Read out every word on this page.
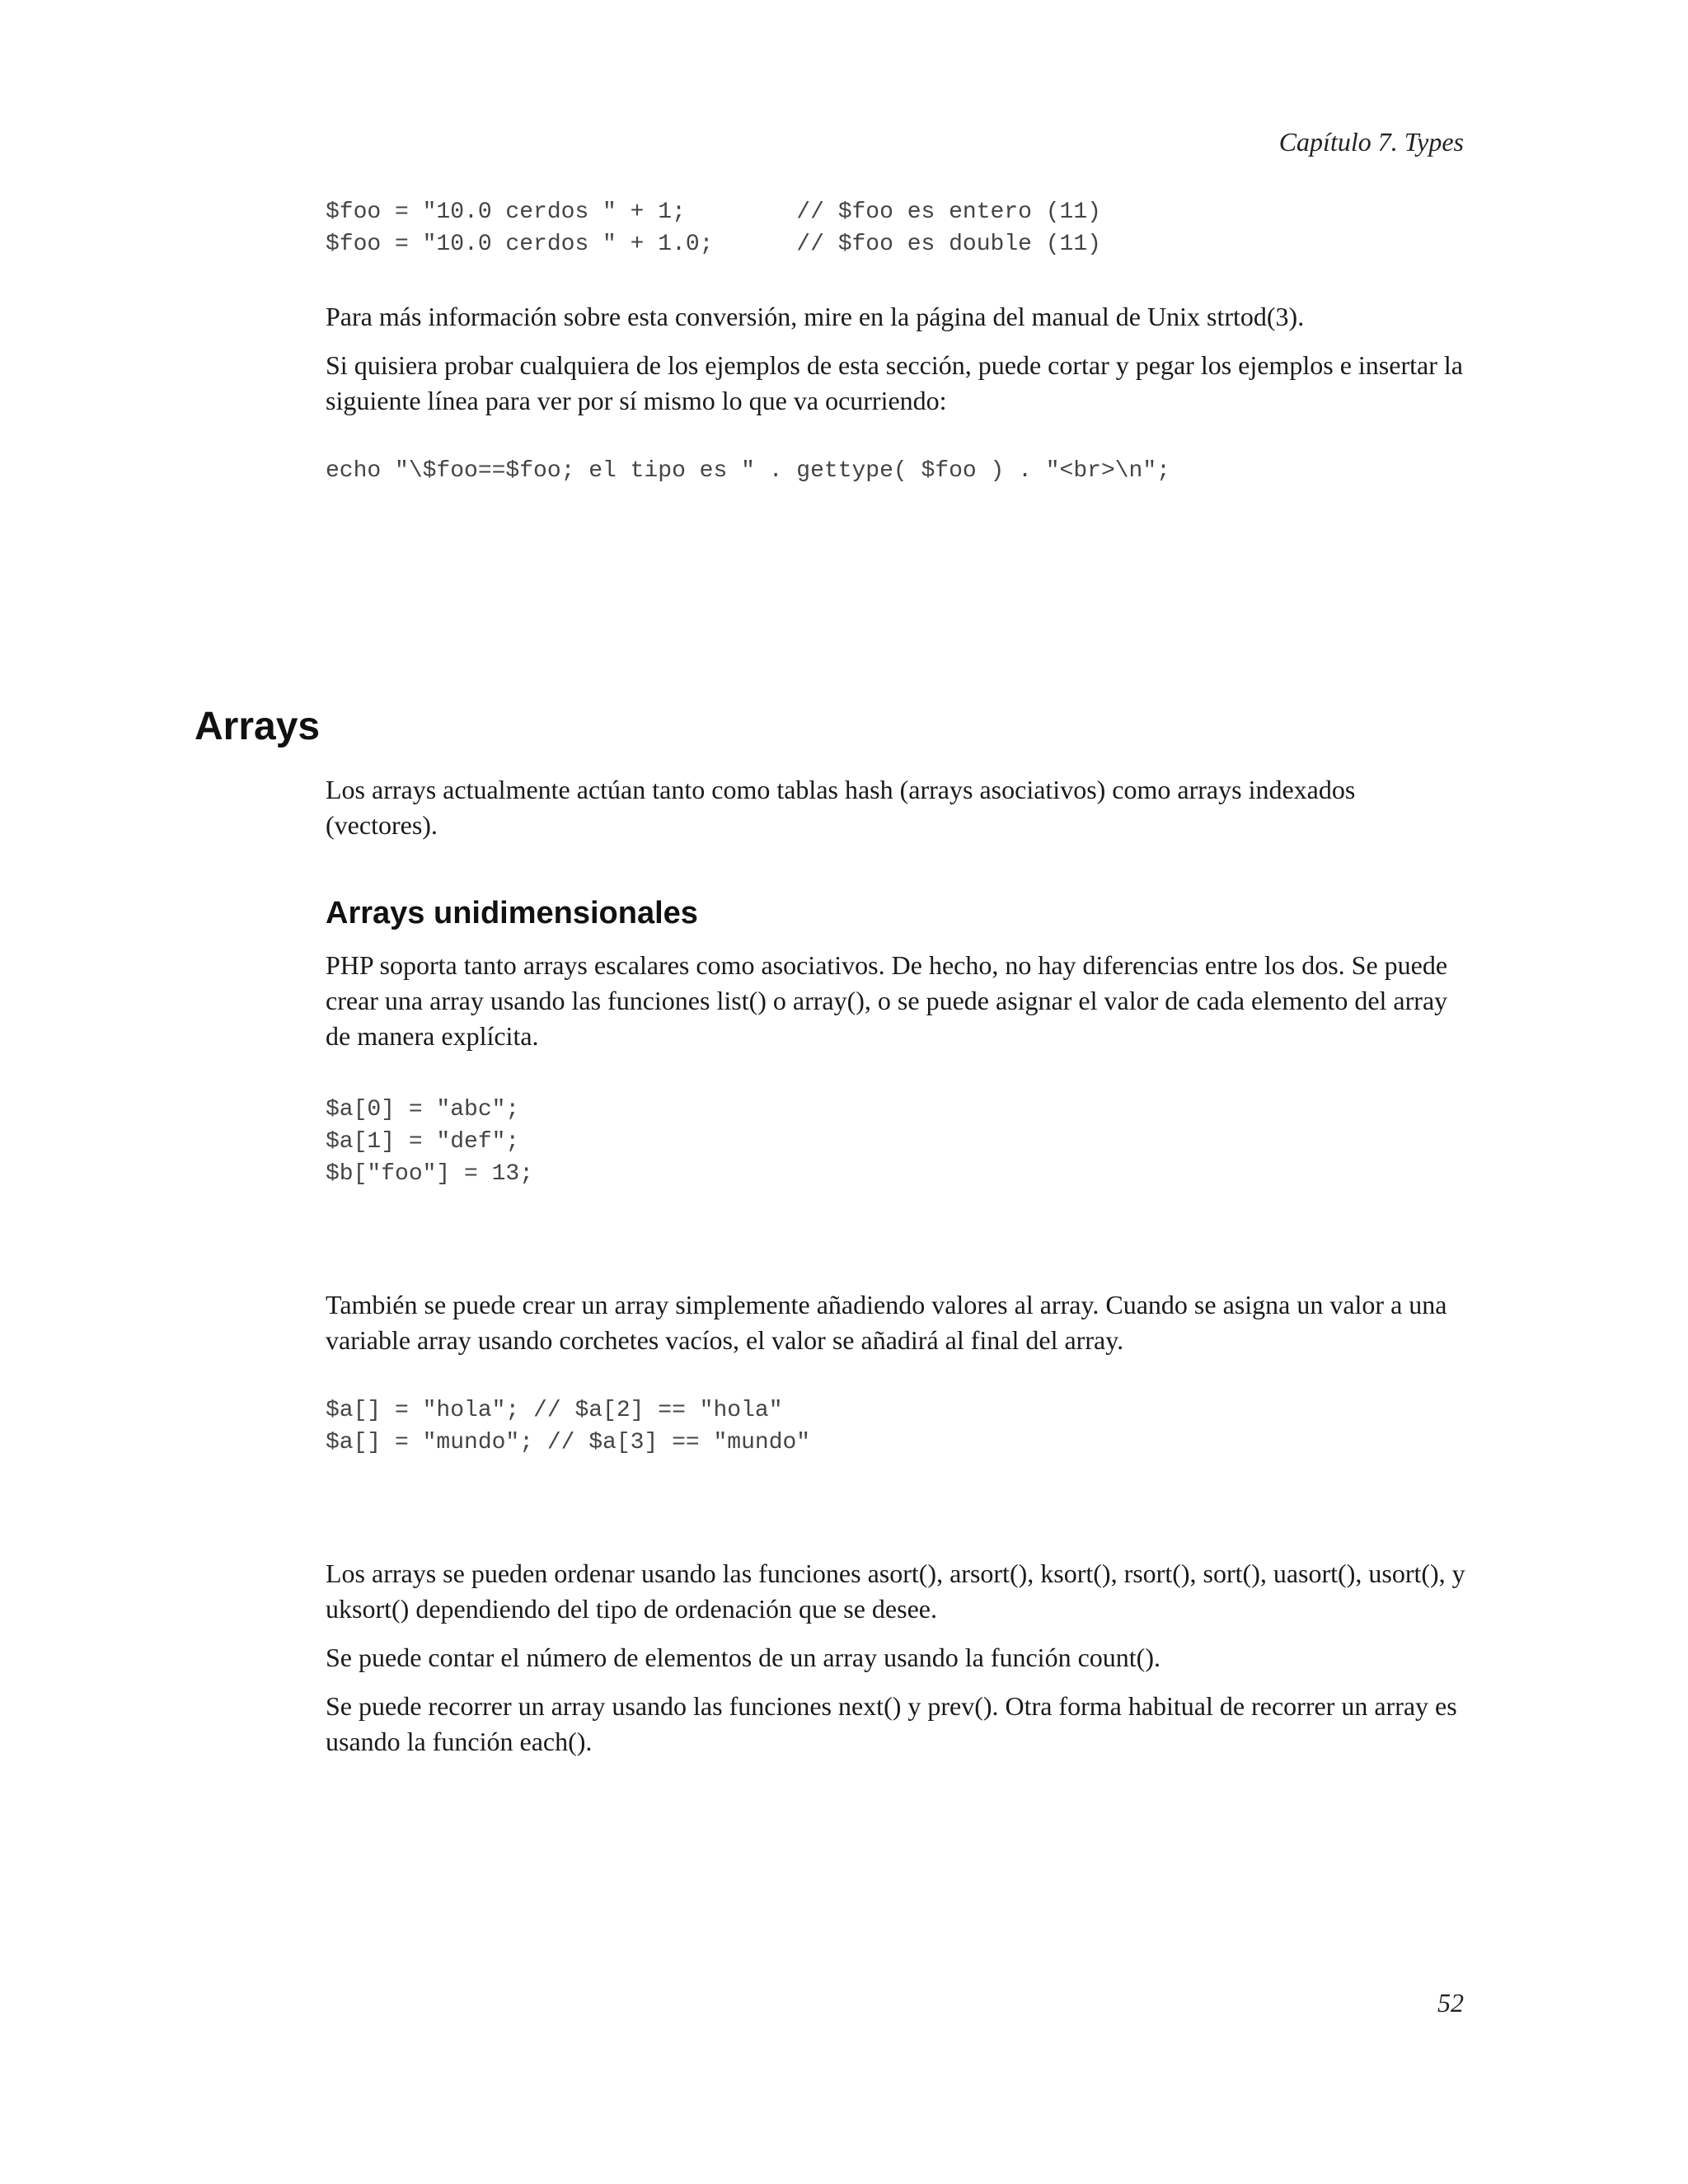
Capítulo 7. Types
$foo = "10.0 cerdos " + 1;        // $foo es entero (11)
$foo = "10.0 cerdos " + 1.0;      // $foo es double (11)

Para más información sobre esta conversión, mire en la página del manual de Unix strtod(3).

Si quisiera probar cualquiera de los ejemplos de esta sección, puede cortar y pegar los ejemplos e insertar la siguiente línea para ver por sí mismo lo que va ocurriendo:

echo "\$foo==$foo; el tipo es " . gettype( $foo ) . "<br>\n";
Arrays

Los arrays actualmente actúan tanto como tablas hash (arrays asociativos) como arrays indexados (vectores).

Arrays unidimensionales

PHP soporta tanto arrays escalares como asociativos. De hecho, no hay diferencias entre los dos. Se puede crear una array usando las funciones list() o array(), o se puede asignar el valor de cada elemento del array de manera explícita.

$a[0] = "abc";
$a[1] = "def";
$b["foo"] = 13;

También se puede crear un array simplemente añadiendo valores al array. Cuando se asigna un valor a una variable array usando corchetes vacíos, el valor se añadirá al final del array.

$a[] = "hola"; // $a[2] == "hola"
$a[] = "mundo"; // $a[3] == "mundo"

Los arrays se pueden ordenar usando las funciones asort(), arsort(), ksort(), rsort(), sort(), uasort(), usort(), y uksort() dependiendo del tipo de ordenación que se desee.

Se puede contar el número de elementos de un array usando la función count().

Se puede recorrer un array usando las funciones next() y prev(). Otra forma habitual de recorrer un array es usando la función each().

52
